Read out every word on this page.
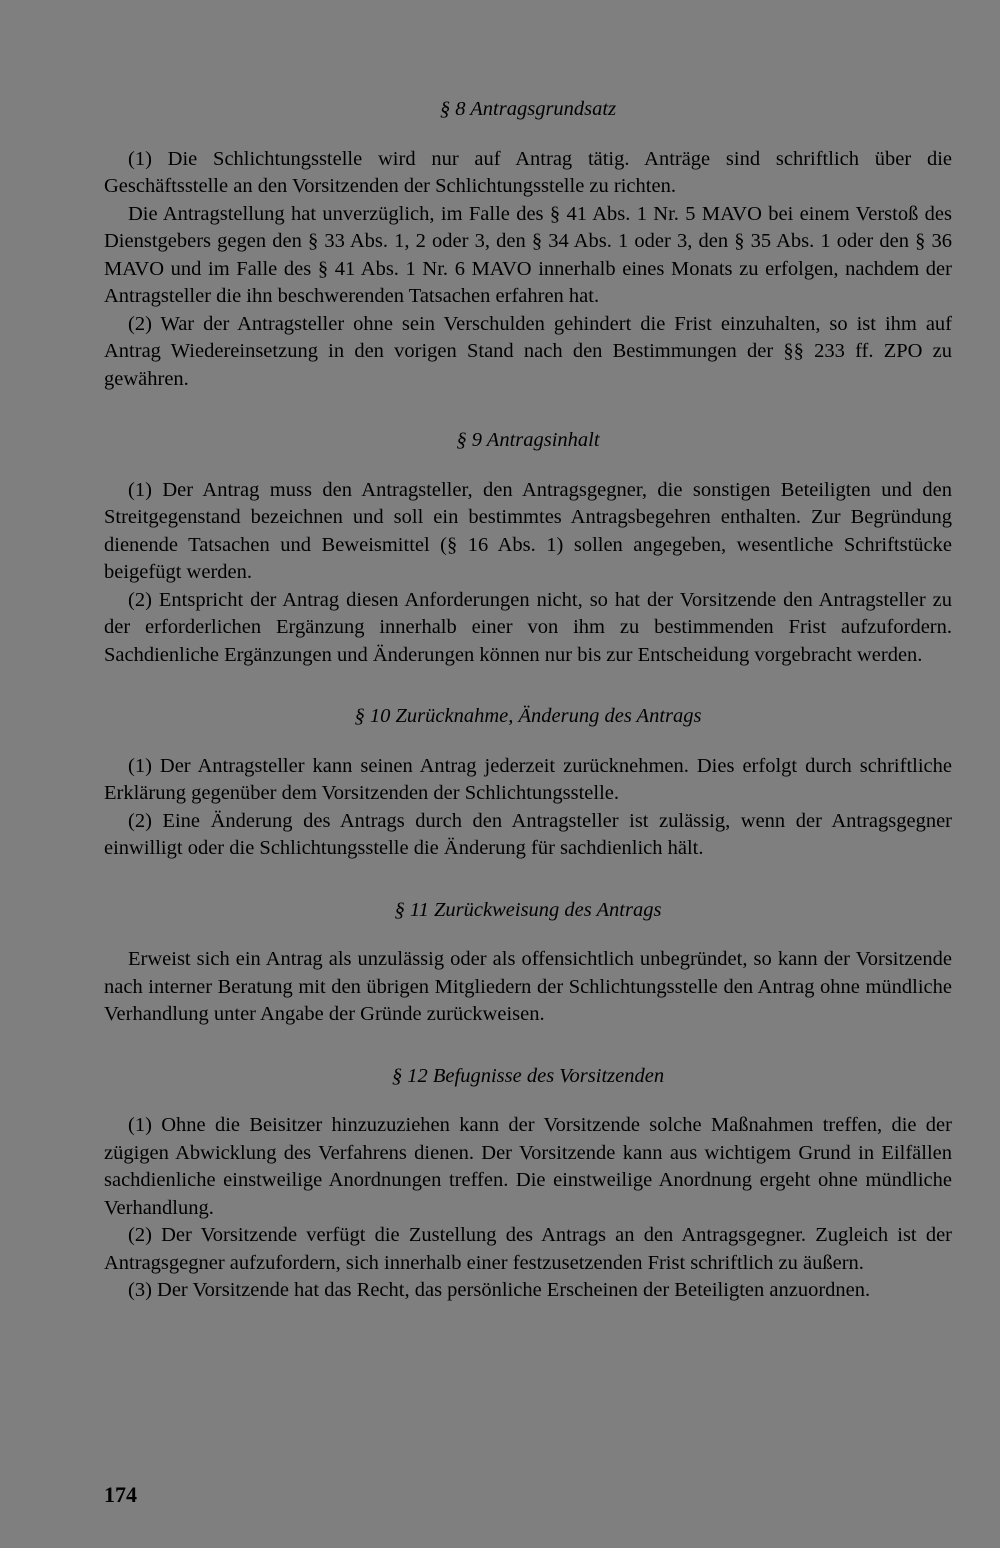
§ 8 Antragsgrundsatz

(1) Die Schlichtungsstelle wird nur auf Antrag tätig. Anträge sind schriftlich über die Geschäftsstelle an den Vorsitzenden der Schlichtungsstelle zu richten.

Die Antragstellung hat unverzüglich, im Falle des § 41 Abs. 1 Nr. 5 MAVO bei einem Verstoß des Dienstgebers gegen den § 33 Abs. 1, 2 oder 3, den § 34 Abs. 1 oder 3, den § 35 Abs. 1 oder den § 36 MAVO und im Falle des § 41 Abs. 1 Nr. 6 MAVO innerhalb eines Monats zu erfolgen, nachdem der Antragsteller die ihn beschwerenden Tatsachen erfahren hat.

(2) War der Antragsteller ohne sein Verschulden gehindert die Frist einzuhalten, so ist ihm auf Antrag Wiedereinsetzung in den vorigen Stand nach den Bestimmungen der §§ 233 ff. ZPO zu gewähren.

§ 9 Antragsinhalt

(1) Der Antrag muss den Antragsteller, den Antragsgegner, die sonstigen Beteiligten und den Streitgegenstand bezeichnen und soll ein bestimmtes Antragsbegehren enthalten. Zur Begründung dienende Tatsachen und Beweismittel (§ 16 Abs. 1) sollen angegeben, wesentliche Schriftstücke beigefügt werden.

(2) Entspricht der Antrag diesen Anforderungen nicht, so hat der Vorsitzende den Antragsteller zu der erforderlichen Ergänzung innerhalb einer von ihm zu bestimmenden Frist aufzufordern. Sachdienliche Ergänzungen und Änderungen können nur bis zur Entscheidung vorgebracht werden.

§ 10 Zurücknahme, Änderung des Antrags

(1) Der Antragsteller kann seinen Antrag jederzeit zurücknehmen. Dies erfolgt durch schriftliche Erklärung gegenüber dem Vorsitzenden der Schlichtungsstelle.

(2) Eine Änderung des Antrags durch den Antragsteller ist zulässig, wenn der Antragsgegner einwilligt oder die Schlichtungsstelle die Änderung für sachdienlich hält.

§ 11 Zurückweisung des Antrags

Erweist sich ein Antrag als unzulässig oder als offensichtlich unbegründet, so kann der Vorsitzende nach interner Beratung mit den übrigen Mitgliedern der Schlichtungsstelle den Antrag ohne mündliche Verhandlung unter Angabe der Gründe zurückweisen.

§ 12 Befugnisse des Vorsitzenden

(1) Ohne die Beisitzer hinzuzuziehen kann der Vorsitzende solche Maßnahmen treffen, die der zügigen Abwicklung des Verfahrens dienen. Der Vorsitzende kann aus wichtigem Grund in Eilfällen sachdienliche einstweilige Anordnungen treffen. Die einstweilige Anordnung ergeht ohne mündliche Verhandlung.

(2) Der Vorsitzende verfügt die Zustellung des Antrags an den Antragsgegner. Zugleich ist der Antragsgegner aufzufordern, sich innerhalb einer festzusetzenden Frist schriftlich zu äußern.

(3) Der Vorsitzende hat das Recht, das persönliche Erscheinen der Beteiligten anzuordnen.

174
